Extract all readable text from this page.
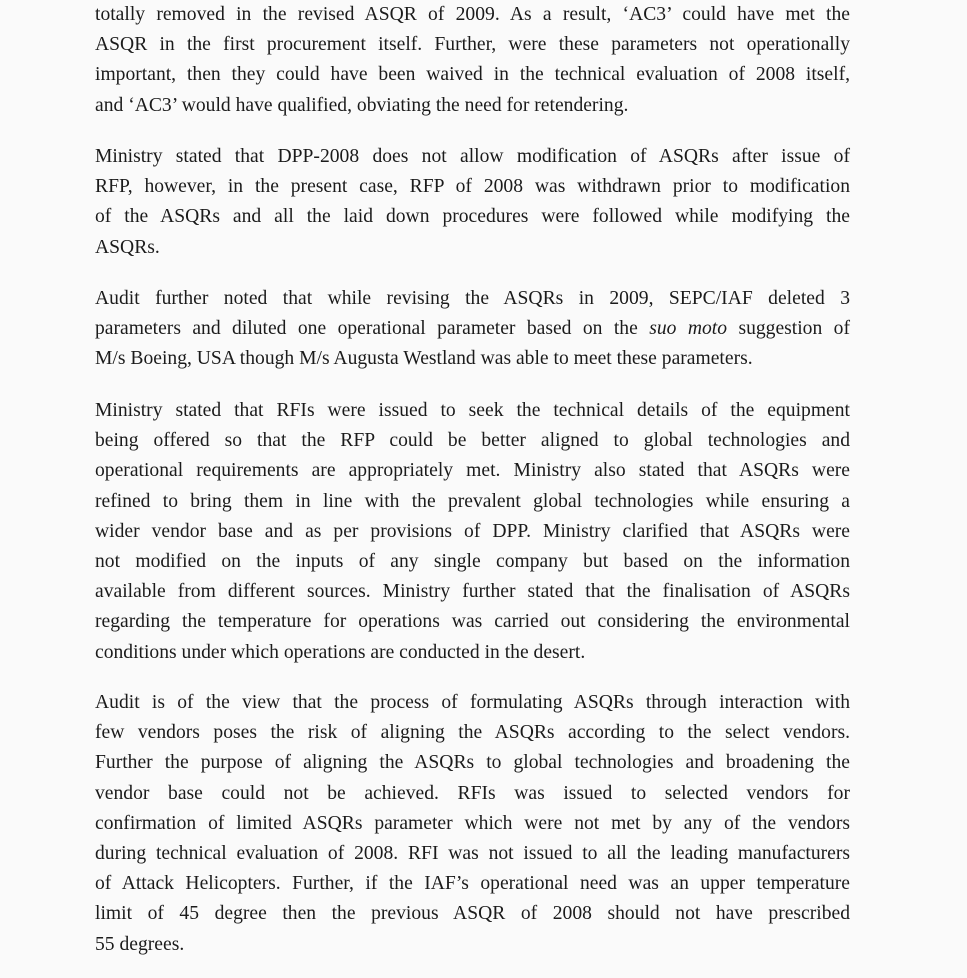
totally removed in the revised ASQR of 2009. As a result, ‘AC3’ could have met the
ASQR in the first procurement itself. Further, were these parameters not operationally
important, then they could have been waived in the technical evaluation of 2008 itself,
and ‘AC3’ would have qualified, obviating the need for retendering.

Ministry stated that DPP-2008 does not allow modification of ASQRs after issue of
RFP, however, in the present case, RFP of 2008 was withdrawn prior to modification
of the ASQRs and all the laid down procedures were followed while modifying the
ASQRs.

Audit further noted that while revising the ASQRs in 2009, SEPC/IAF deleted 3
parameters and diluted one operational parameter based on the suo moto suggestion of
M/s Boeing, USA though M/s Augusta Westland was able to meet these parameters.

Ministry stated that RFIs were issued to seek the technical details of the equipment
being offered so that the RFP could be better aligned to global technologies and
operational requirements are appropriately met. Ministry also stated that ASQRs were
refined to bring them in line with the prevalent global technologies while ensuring a
wider vendor base and as per provisions of DPP. Ministry clarified that ASQRs were
not modified on the inputs of any single company but based on the information
available from different sources. Ministry further stated that the finalisation of ASQRs
regarding the temperature for operations was carried out considering the environmental
conditions under which operations are conducted in the desert.

Audit is of the view that the process of formulating ASQRs through interaction with
few vendors poses the risk of aligning the ASQRs according to the select vendors.
Further the purpose of aligning the ASQRs to global technologies and broadening the
vendor base could not be achieved. RFIs was issued to selected vendors for
confirmation of limited ASQRs parameter which were not met by any of the vendors
during technical evaluation of 2008. RFI was not issued to all the leading manufacturers
of Attack Helicopters. Further, if the IAF’s operational need was an upper temperature
limit of 45 degree then the previous ASQR of 2008 should not have prescribed
55 degrees.
